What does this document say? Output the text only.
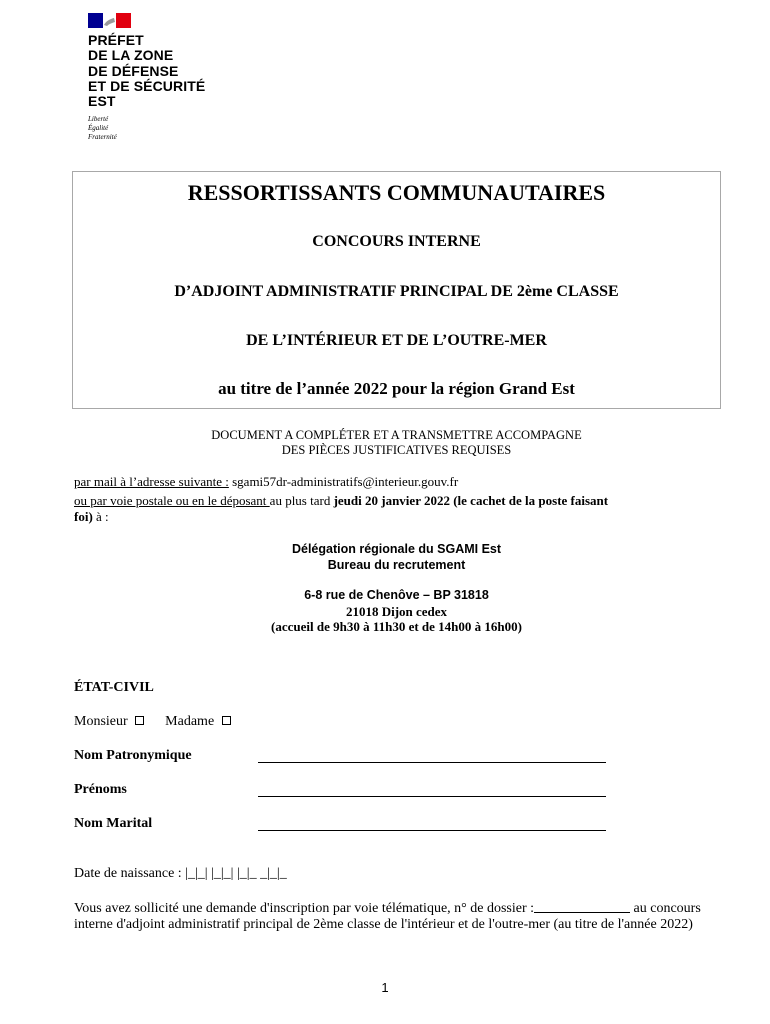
PRÉFET
DE LA ZONE
DE DÉFENSE
ET DE SÉCURITÉ
EST
Liberté
Égalité
Fraternité
RESSORTISSANTS COMMUNAUTAIRES
CONCOURS INTERNE
D’ADJOINT ADMINISTRATIF PRINCIPAL DE 2ème CLASSE
DE L’INTÉRIEUR ET DE L’OUTRE-MER
au titre de l’année 2022 pour la région Grand Est
DOCUMENT A COMPLÉTER ET A TRANSMETTRE ACCOMPAGNE
DES PIÈCES JUSTIFICATIVES REQUISES
par mail à l’adresse suivante : sgami57dr-administratifs@interieur.gouv.fr
ou par voie postale ou en le déposant au plus tard jeudi 20 janvier 2022 (le cachet de la poste faisant
foi) à :
Délégation régionale du SGAMI Est
Bureau du recrutement
6-8 rue de Chenôve – BP 31818
21018 Dijon cedex
(accueil de 9h30 à 11h30 et de 14h00 à 16h00)
ÉTAT-CIVIL
Monsieur	Madame
Nom Patronymique
Prénoms
Nom Marital
Date de naissance : |_|_| |_|_| |_|_ _|_|_
Vous avez sollicité une demande d'inscription par voie télématique, n° de dossier :	au concours interne d'adjoint administratif principal de 2ème classe de l'intérieur et de l'outre-mer (au titre de l'année 2022)
1
